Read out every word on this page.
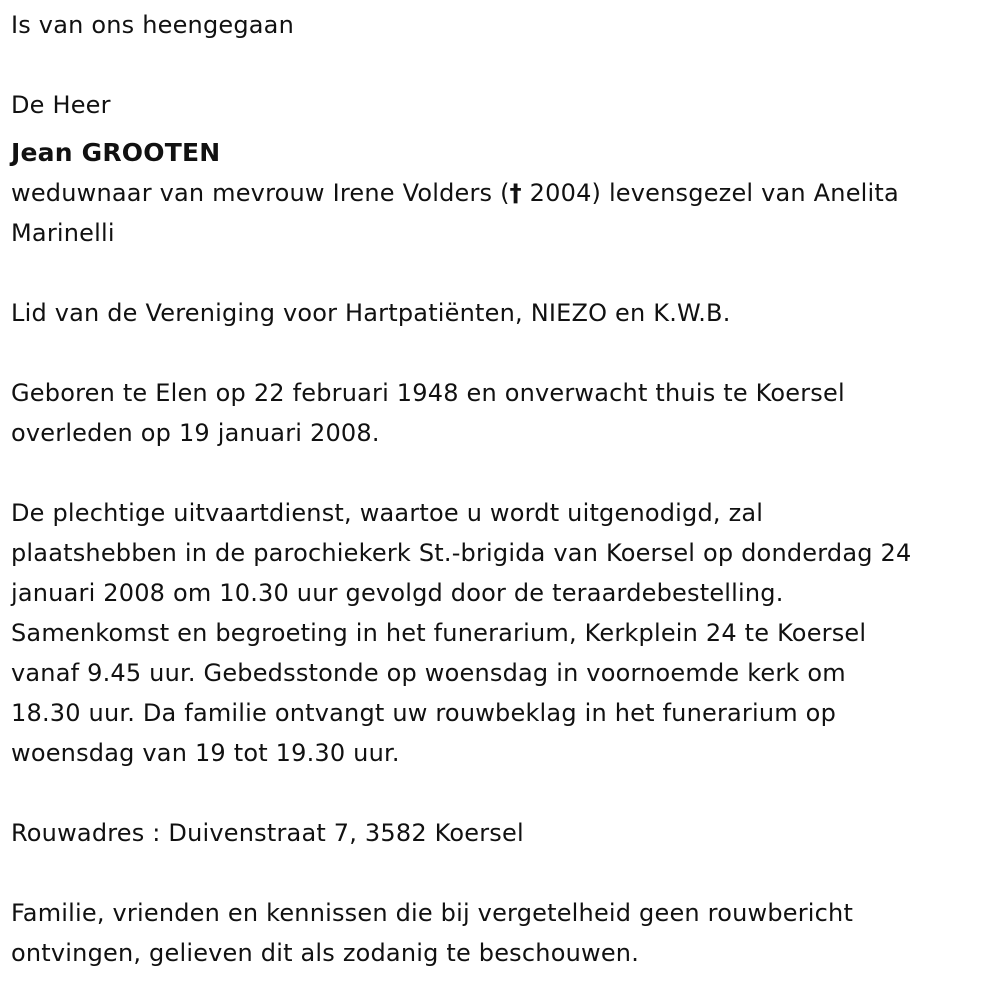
Is van ons heengegaan
De Heer
Jean GROOTEN
weduwnaar van mevrouw Irene Volders († 2004) levensgezel van Anelita
Marinelli
Lid van de Vereniging voor Hartpatiënten, NIEZO en K.W.B.
Geboren te Elen op 22 februari 1948 en onverwacht thuis te Koersel
overleden op 19 januari 2008.
De plechtige uitvaartdienst, waartoe u wordt uitgenodigd, zal
plaatshebben in de parochiekerk St.-brigida van Koersel op donderdag 24
januari 2008 om 10.30 uur gevolgd door de teraardebestelling.
Samenkomst en begroeting in het funerarium, Kerkplein 24 te Koersel
vanaf 9.45 uur. Gebedsstonde op woensdag in voornoemde kerk om
18.30 uur. Da familie ontvangt uw rouwbeklag in het funerarium op
woensdag van 19 tot 19.30 uur.
Rouwadres : Duivenstraat 7, 3582 Koersel
Familie, vrienden en kennissen die bij vergetelheid geen rouwbericht
ontvingen, gelieven dit als zodanig te beschouwen.
